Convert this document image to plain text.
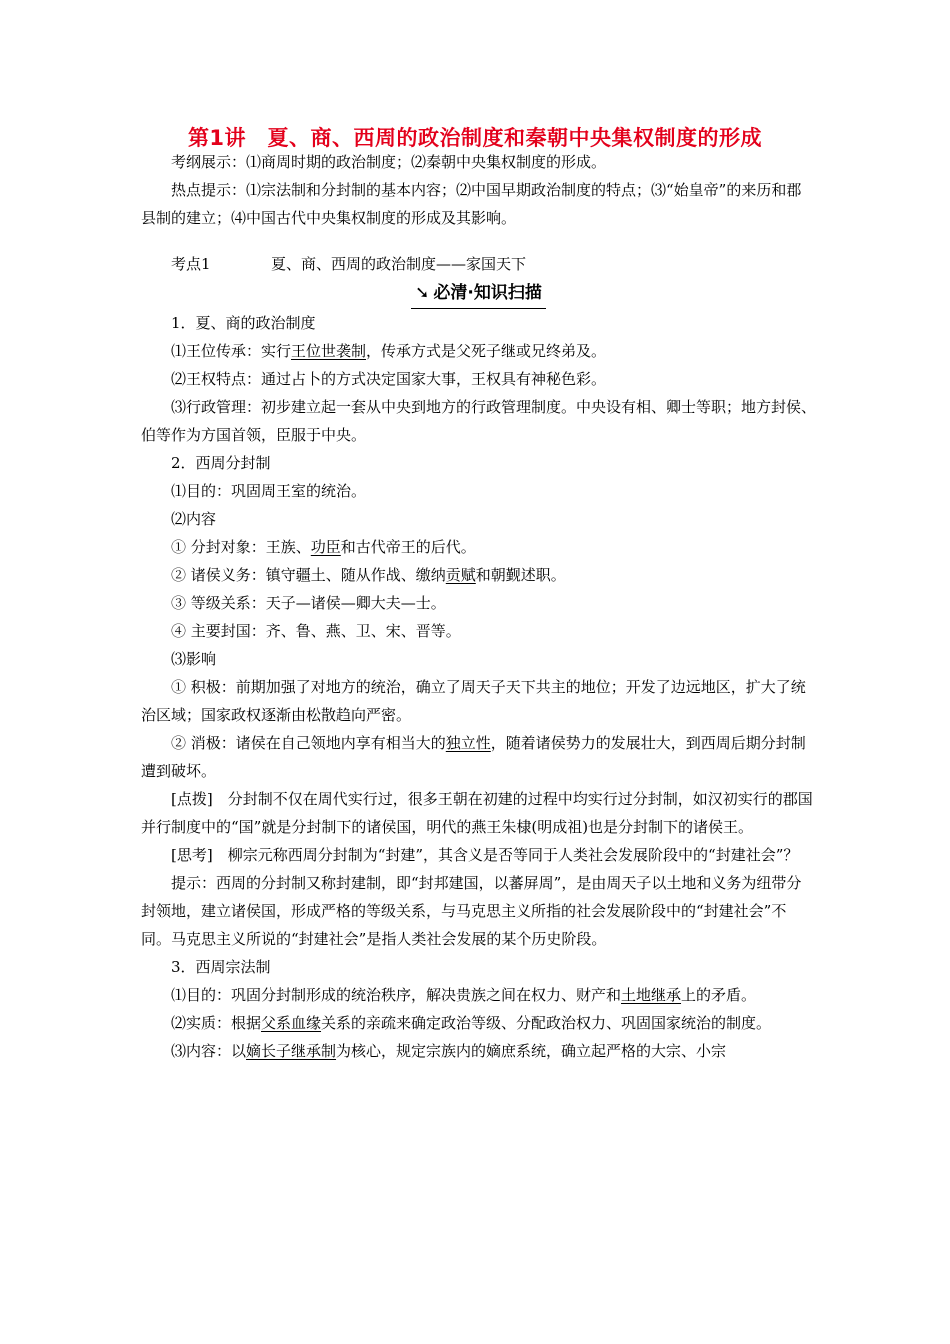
第1讲　夏、商、西周的政治制度和秦朝中央集权制度的形成

考纲展示：⑴商周时期的政治制度；⑵秦朝中央集权制度的形成。

热点提示：⑴宗法制和分封制的基本内容；⑵中国早期政治制度的特点；⑶“始皇帝”的来历和郡县制的建立；⑷中国古代中央集权制度的形成及其影响。

考点1	夏、商、西周的政治制度——家国天下

➘ 必清·知识扫描

1．夏、商的政治制度

⑴王位传承：实行王位世袭制，传承方式是父死子继或兄终弟及。

⑵王权特点：通过占卜的方式决定国家大事，王权具有神秘色彩。

⑶行政管理：初步建立起一套从中央到地方的行政管理制度。中央设有相、卿士等职；地方封侯、伯等作为方国首领，臣服于中央。

2．西周分封制

⑴目的：巩固周王室的统治。

⑵内容

① 分封对象：王族、功臣和古代帝王的后代。

② 诸侯义务：镇守疆土、随从作战、缴纳贡赋和朝觐述职。

③ 等级关系：天子—诸侯—卿大夫—士。

④ 主要封国：齐、鲁、燕、卫、宋、晋等。

⑶影响

① 积极：前期加强了对地方的统治，确立了周天子天下共主的地位；开发了边远地区，扩大了统治区域；国家政权逐渐由松散趋向严密。

② 消极：诸侯在自己领地内享有相当大的独立性，随着诸侯势力的发展壮大，到西周后期分封制遭到破坏。

[点拨]　分封制不仅在周代实行过，很多王朝在初建的过程中均实行过分封制，如汉初实行的郡国并行制度中的“国”就是分封制下的诸侯国，明代的燕王朱棣(明成祖)也是分封制下的诸侯王。

[思考]　柳宗元称西周分封制为“封建”，其含义是否等同于人类社会发展阶段中的“封建社会”？

提示：西周的分封制又称封建制，即“封邦建国，以蕃屏周”，是由周天子以土地和义务为纽带分封领地，建立诸侯国，形成严格的等级关系，与马克思主义所指的社会发展阶段中的“封建社会”不同。马克思主义所说的“封建社会”是指人类社会发展的某个历史阶段。

3．西周宗法制

⑴目的：巩固分封制形成的统治秩序，解决贵族之间在权力、财产和土地继承上的矛盾。

⑵实质：根据父系血缘关系的亲疏来确定政治等级、分配政治权力、巩固国家统治的制度。

⑶内容：以嫡长子继承制为核心，规定宗族内的嫡庶系统，确立起严格的大宗、小宗
